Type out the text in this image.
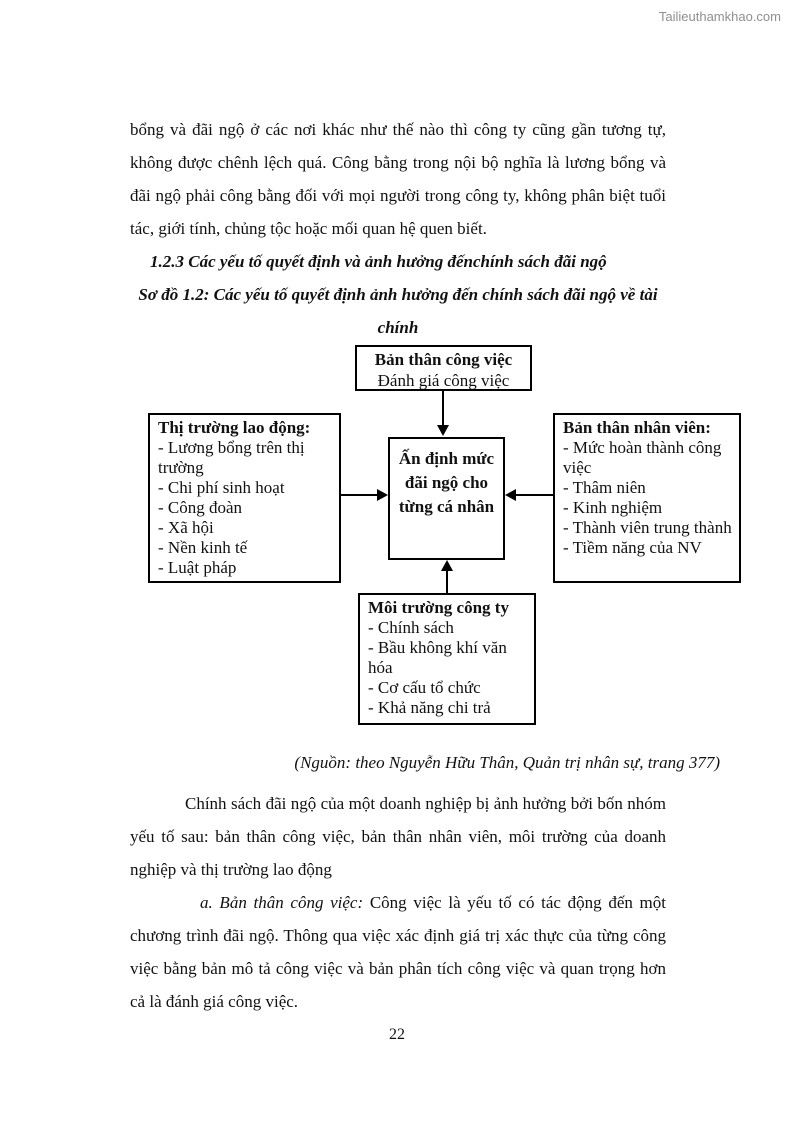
Tailieuthamkhao.com

bổng và đãi ngộ ở các nơi khác như thế nào thì công ty cũng gần tương tự, không được chênh lệch quá. Công bằng trong nội bộ nghĩa là lương bổng và đãi ngộ phải công bằng đối với mọi người trong công ty, không phân biệt tuổi tác, giới tính, chủng tộc hoặc mối quan hệ quen biết.

1.2.3 Các yếu tố quyết định và ảnh hưởng đếnchính sách đãi ngộ

Sơ đồ 1.2: Các yếu tố quyết định ảnh hưởng đến chính sách đãi ngộ về tài chính

Bản thân công việc
Đánh giá công việc
Thị trường lao động:
- Lương bổng trên thị trường
- Chi phí sinh hoạt
- Công đoàn
- Xã hội
- Nền kinh tế
- Luật pháp
Ấn định mức đãi ngộ cho từng cá nhân
Bản thân nhân viên:
- Mức hoàn thành công việc
- Thâm niên
- Kinh nghiệm
- Thành viên trung thành
- Tiềm năng của NV
Môi trường công ty
- Chính sách
- Bầu không khí văn hóa
- Cơ cấu tổ chức
- Khả năng chi trả

(Nguồn: theo Nguyễn Hữu Thân, Quản trị nhân sự, trang 377)

Chính sách đãi ngộ của một doanh nghiệp bị ảnh hưởng bởi bốn nhóm yếu tố sau: bản thân công việc, bản thân nhân viên, môi trường của doanh nghiệp và thị trường lao động

a. Bản thân công việc: Công việc là yếu tố có tác động đến một chương trình đãi ngộ. Thông qua việc xác định giá trị xác thực của từng công việc bằng bản mô tả công việc và bản phân tích công việc và quan trọng hơn cả là đánh giá công việc.

22
